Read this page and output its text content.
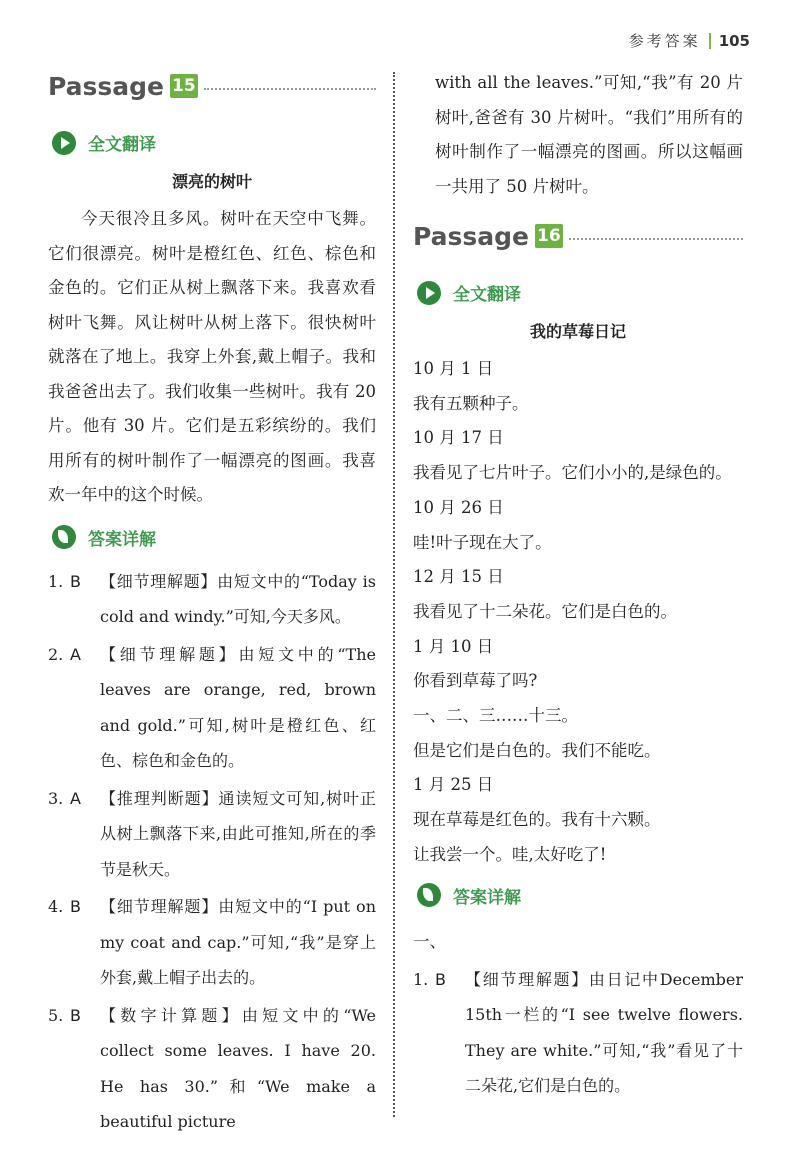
参考答案 105
Passage 15
全文翻译
漂亮的树叶

今天很冷且多风。树叶在天空中飞舞。它们很漂亮。树叶是橙红色、红色、棕色和金色的。它们正从树上飘落下来。我喜欢看树叶飞舞。风让树叶从树上落下。很快树叶就落在了地上。我穿上外套,戴上帽子。我和我爸爸出去了。我们收集一些树叶。我有 20 片。他有 30 片。它们是五彩缤纷的。我们用所有的树叶制作了一幅漂亮的图画。我喜欢一年中的这个时候。

答案详解
1. B	【细节理解题】由短文中的“Today is cold and windy.”可知,今天多风。
2. A	【细节理解题】由短文中的“The leaves are orange, red, brown and gold.”可知,树叶是橙红色、红色、棕色和金色的。
3. A	【推理判断题】通读短文可知,树叶正从树上飘落下来,由此可推知,所在的季节是秋天。
4. B	【细节理解题】由短文中的“I put on my coat and cap.”可知,“我”是穿上外套,戴上帽子出去的。
5. B	【数字计算题】由短文中的“We collect some leaves. I have 20. He has 30.”和“We make a beautiful picture

with all the leaves.”可知,“我”有 20 片树叶,爸爸有 30 片树叶。“我们”用所有的树叶制作了一幅漂亮的图画。所以这幅画一共用了 50 片树叶。

Passage 16
全文翻译
我的草莓日记

10 月 1 日

我有五颗种子。

10 月 17 日

我看见了七片叶子。它们小小的,是绿色的。

10 月 26 日

哇!叶子现在大了。

12 月 15 日

我看见了十二朵花。它们是白色的。

1 月 10 日

你看到草莓了吗?

一、二、三……十三。

但是它们是白色的。我们不能吃。

1 月 25 日

现在草莓是红色的。我有十六颗。

让我尝一个。哇,太好吃了!

答案详解
一、
1. B	【细节理解题】由日记中December 15th一栏的“I see twelve flowers. They are white.”可知,“我”看见了十二朵花,它们是白色的。
